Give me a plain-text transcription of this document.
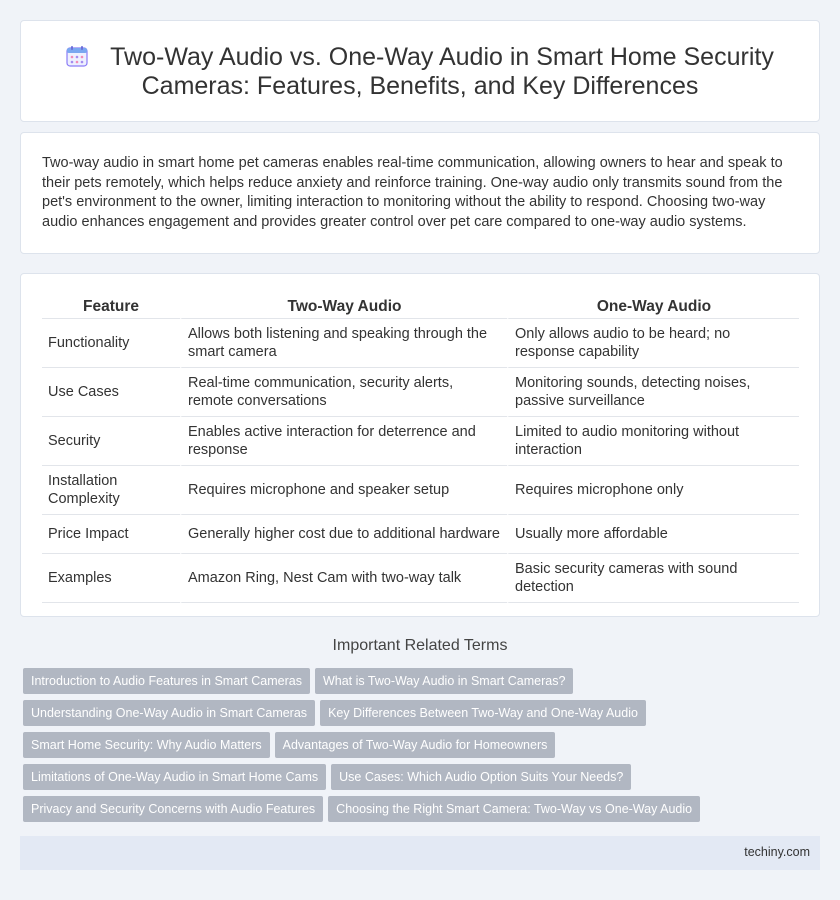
Two-Way Audio vs. One-Way Audio in Smart Home Security Cameras: Features, Benefits, and Key Differences

Two-way audio in smart home pet cameras enables real-time communication, allowing owners to hear and speak to their pets remotely, which helps reduce anxiety and reinforce training. One-way audio only transmits sound from the pet's environment to the owner, limiting interaction to monitoring without the ability to respond. Choosing two-way audio enhances engagement and provides greater control over pet care compared to one-way audio systems.

Feature	Two-Way Audio	One-Way Audio
Functionality	Allows both listening and speaking through the smart camera	Only allows audio to be heard; no response capability
Use Cases	Real-time communication, security alerts, remote conversations	Monitoring sounds, detecting noises, passive surveillance
Security	Enables active interaction for deterrence and response	Limited to audio monitoring without interaction
Installation Complexity	Requires microphone and speaker setup	Requires microphone only
Price Impact	Generally higher cost due to additional hardware	Usually more affordable
Examples	Amazon Ring, Nest Cam with two-way talk	Basic security cameras with sound detection
Important Related Terms
Introduction to Audio Features in Smart Cameras What is Two-Way Audio in Smart Cameras?
Understanding One-Way Audio in Smart Cameras Key Differences Between Two-Way and One-Way Audio
Smart Home Security: Why Audio Matters Advantages of Two-Way Audio for Homeowners
Limitations of One-Way Audio in Smart Home Cams Use Cases: Which Audio Option Suits Your Needs?
Privacy and Security Concerns with Audio Features Choosing the Right Smart Camera: Two-Way vs One-Way Audio
techiny.com
